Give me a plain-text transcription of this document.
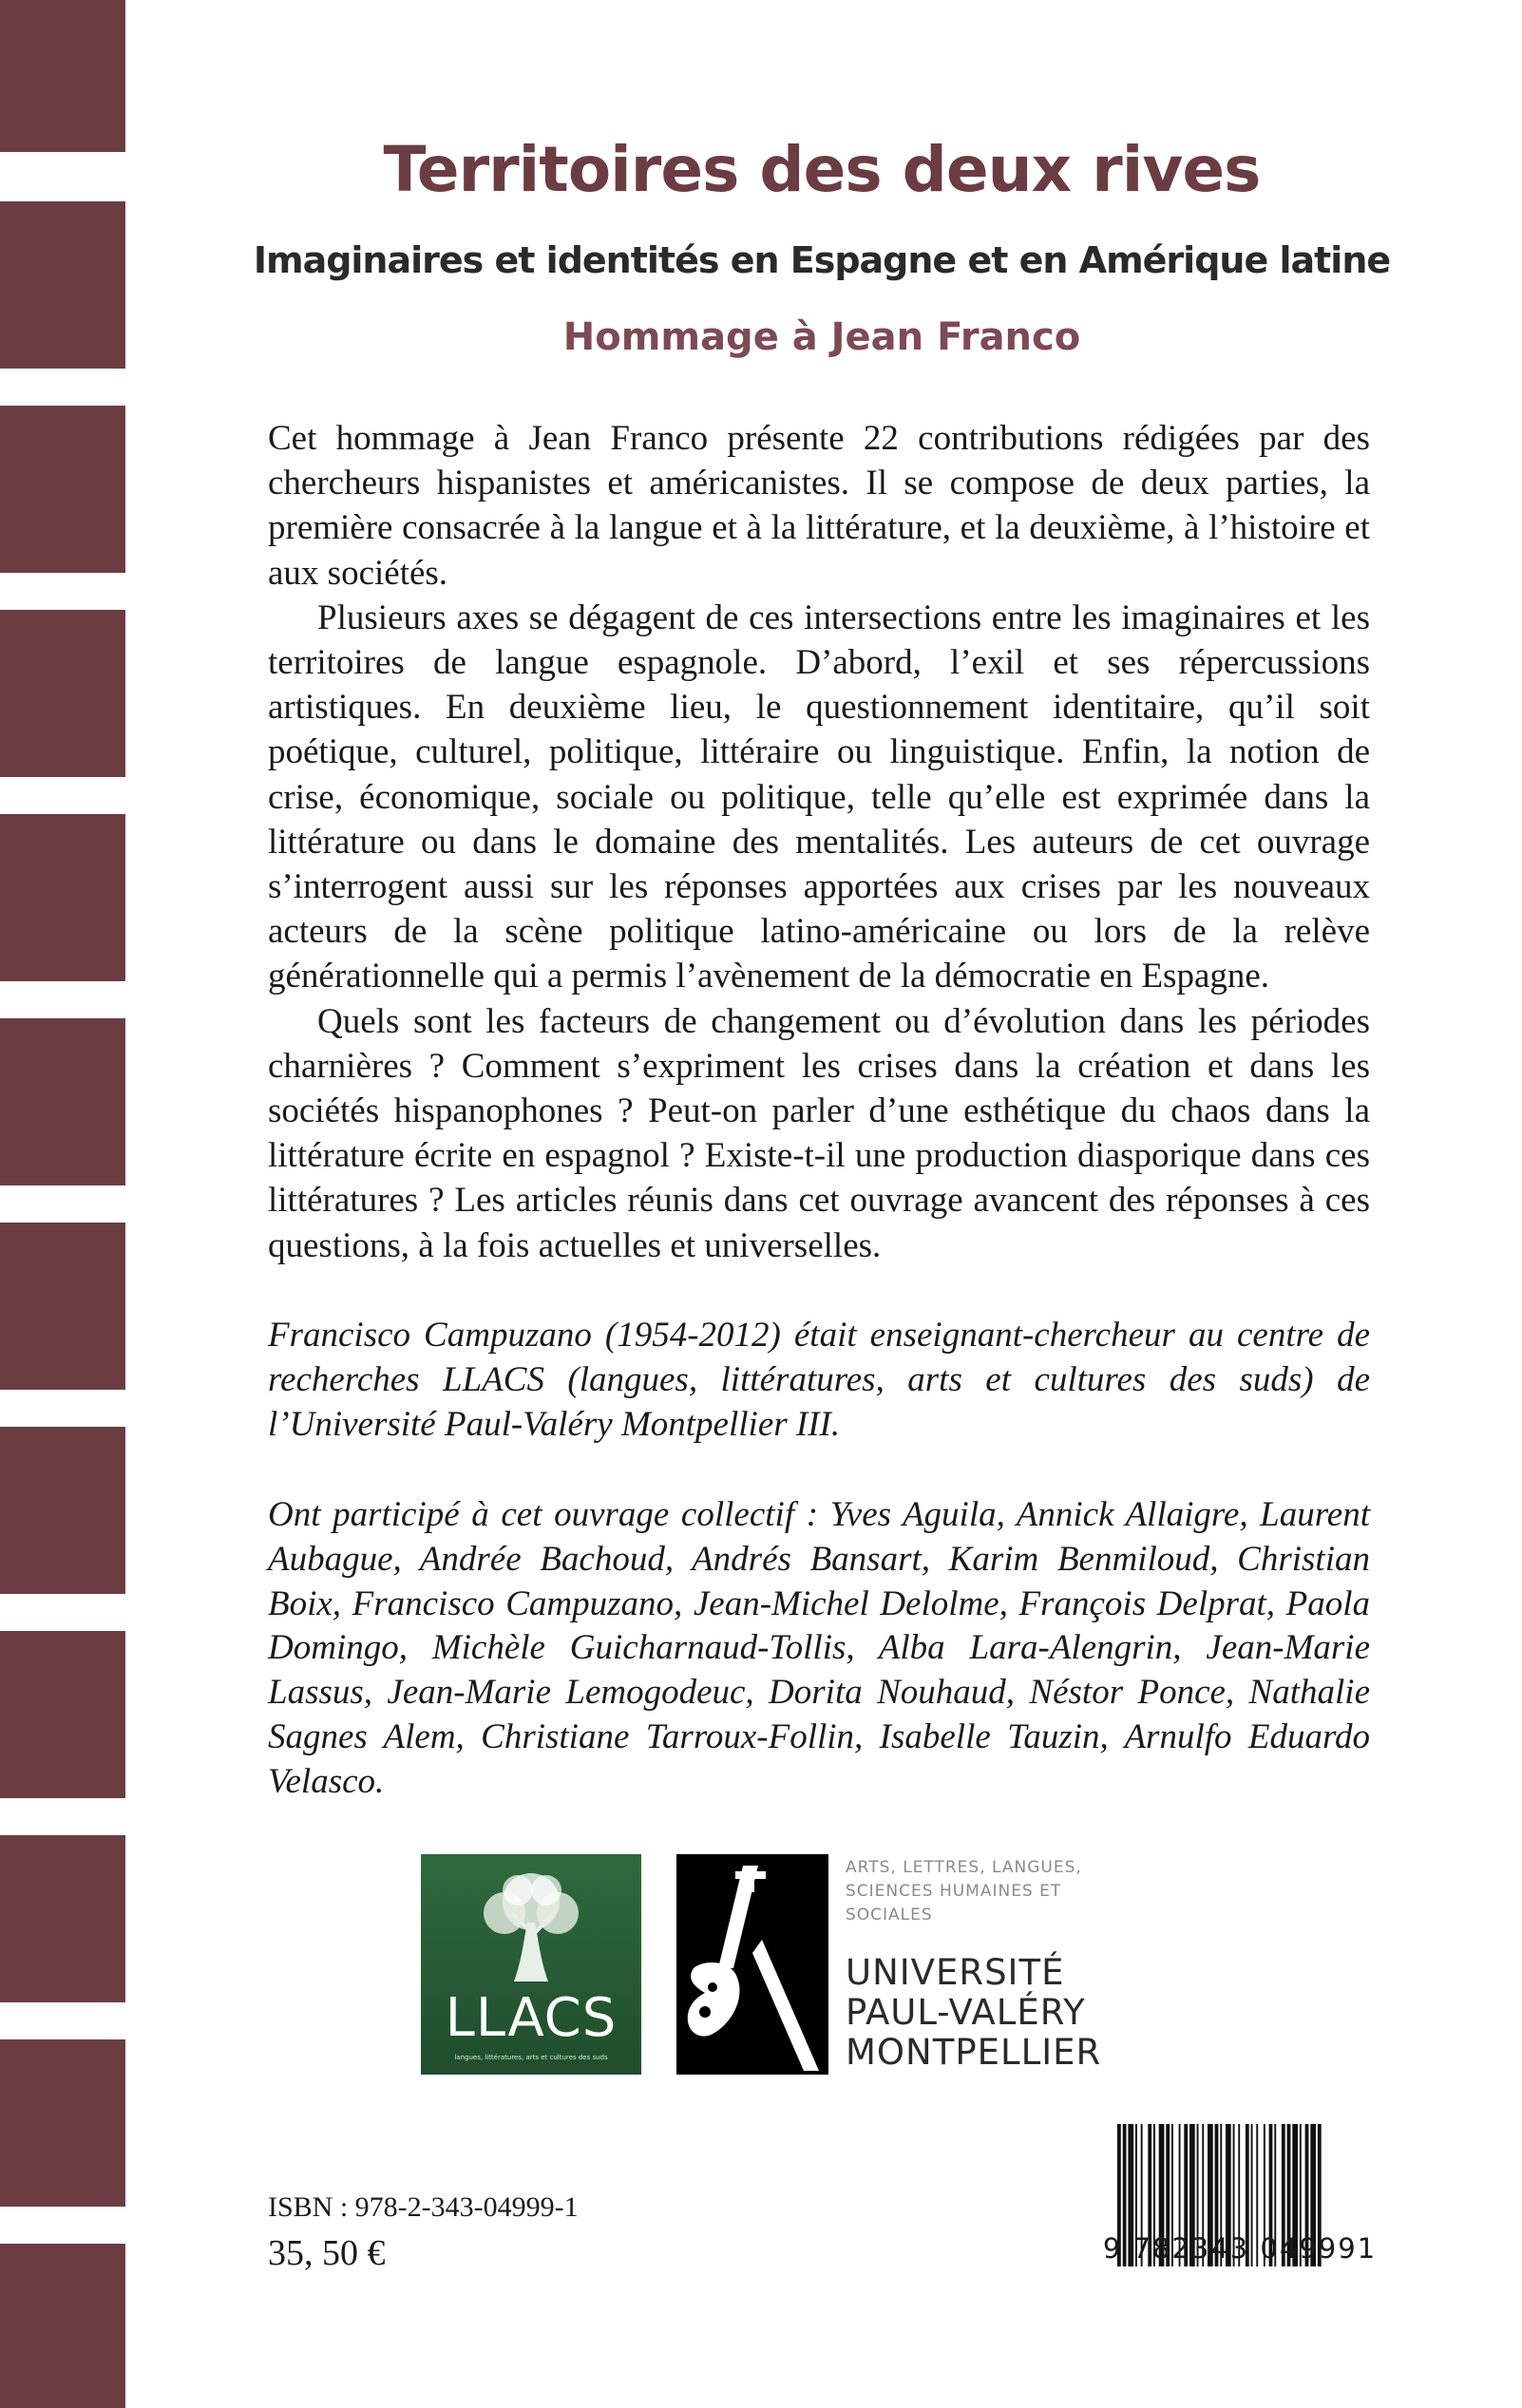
Territoires des deux rives
Imaginaires et identités en Espagne et en Amérique latine
Hommage à Jean Franco

Cet hommage à Jean Franco présente 22 contributions rédigées par des chercheurs hispanistes et américanistes. Il se compose de deux parties, la première consacrée à la langue et à la littérature, et la deuxième, à l’histoire et aux sociétés.

Plusieurs axes se dégagent de ces intersections entre les imaginaires et les territoires de langue espagnole. D’abord, l’exil et ses répercussions artistiques. En deuxième lieu, le questionnement identitaire, qu’il soit poétique, culturel, politique, littéraire ou linguistique. Enfin, la notion de crise, économique, sociale ou politique, telle qu’elle est exprimée dans la littérature ou dans le domaine des mentalités. Les auteurs de cet ouvrage s’interrogent aussi sur les réponses apportées aux crises par les nouveaux acteurs de la scène politique latino-américaine ou lors de la relève générationnelle qui a permis l’avènement de la démocratie en Espagne.

Quels sont les facteurs de changement ou d’évolution dans les périodes charnières ? Comment s’expriment les crises dans la création et dans les sociétés hispanophones ? Peut-on parler d’une esthétique du chaos dans la littérature écrite en espagnol ? Existe-t-il une production diasporique dans ces littératures ? Les articles réunis dans cet ouvrage avancent des réponses à ces questions, à la fois actuelles et universelles.

Francisco Campuzano (1954-2012) était enseignant-chercheur au centre de recherches LLACS (langues, littératures, arts et cultures des suds) de l’Université Paul-Valéry Montpellier III.

Ont participé à cet ouvrage collectif : Yves Aguila, Annick Allaigre, Laurent Aubague, Andrée Bachoud, Andrés Bansart, Karim Benmiloud, Christian Boix, Francisco Campuzano, Jean-Michel Delolme, François Delprat, Paola Domingo, Michèle Guicharnaud-Tollis, Alba Lara-Alengrin, Jean-Marie Lassus, Jean-Marie Lemogodeuc, Dorita Nouhaud, Néstor Ponce, Nathalie Sagnes Alem, Christiane Tarroux-Follin, Isabelle Tauzin, Arnulfo Eduardo Velasco.

LLACS
langues, littératures, arts et cultures des suds
ARTS, LETTRES, LANGUES,
SCIENCES HUMAINES ET
SOCIALES
UNIVERSITÉ
PAUL-VALÉRY
MONTPELLIER
ISBN : 978-2-343-04999-1
35, 50 €	9 782343 049991
